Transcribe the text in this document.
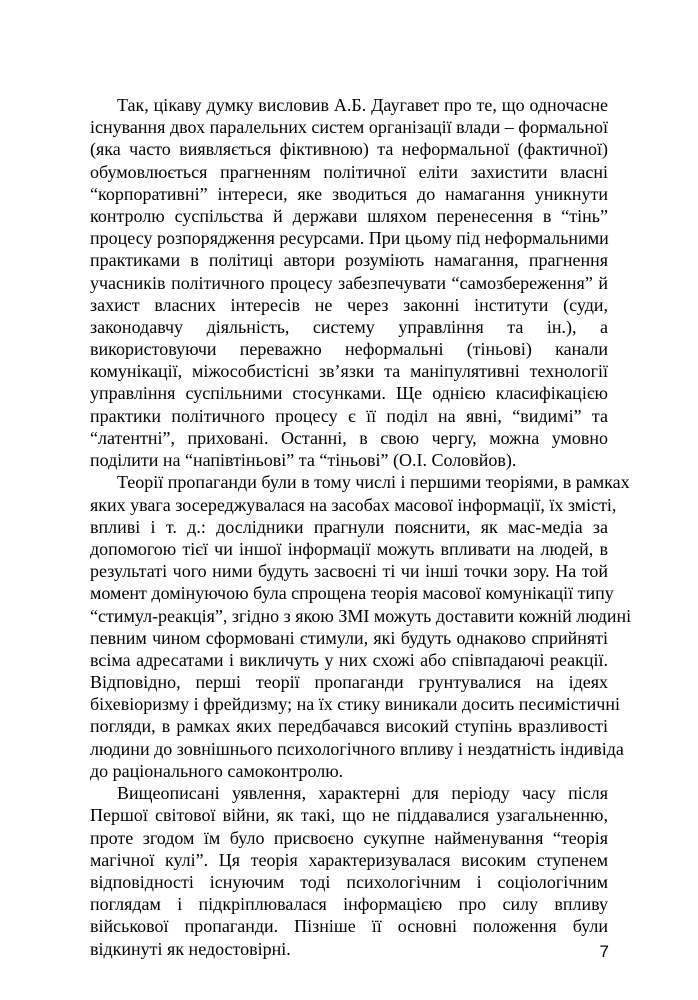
Так, цікаву думку висловив А.Б. Даугавет про те, що одночасне
існування двох паралельних систем організації влади – формальної
(яка часто виявляється фіктивною) та неформальної (фактичної)
обумовлюється прагненням політичної еліти захистити власні
“корпоративні” інтереси, яке зводиться до намагання уникнути
контролю суспільства й держави шляхом перенесення в “тінь”
процесу розпорядження ресурсами. При цьому під неформальними
практиками в політиці автори розуміють намагання, прагнення
учасників політичного процесу забезпечувати “самозбереження” й
захист власних інтересів не через законні інститути (суди,
законодавчу діяльність, систему управління та ін.), а
використовуючи переважно неформальні (тіньові) канали
комунікації, міжособистісні зв’язки та маніпулятивні технології
управління суспільними стосунками. Ще однією класифікацією
практики політичного процесу є її поділ на явні, “видимі” та
“латентні”, приховані. Останні, в свою чергу, можна умовно
поділити на “напівтіньові” та “тіньові” (О.І. Соловйов).

Теорії пропаганди були в тому числі і першими теоріями, в рамках
яких увага зосереджувалася на засобах масової інформації, їх змісті,
впливі і т. д.: дослідники прагнули пояснити, як мас-медіа за
допомогою тієї чи іншої інформації можуть впливати на людей, в
результаті чого ними будуть засвоєні ті чи інші точки зору. На той
момент домінуючою була спрощена теорія масової комунікації типу
“стимул-реакція”, згідно з якою ЗМІ можуть доставити кожній людині
певним чином сформовані стимули, які будуть однаково сприйняті
всіма адресатами і викличуть у них схожі або співпадаючі реакції.
Відповідно, перші теорії пропаганди грунтувалися на ідеях
біхевіоризму і фрейдизму; на їх стику виникали досить песимістичні
погляди, в рамках яких передбачався високий ступінь вразливості
людини до зовнішнього психологічного впливу і нездатність індивіда
до раціонального самоконтролю.

Вищеописані уявлення, характерні для періоду часу після
Першої світової війни, як такі, що не піддавалися узагальненню,
проте згодом їм було присвоєно сукупне найменування “теорія
магічної кулі”. Ця теорія характеризувалася високим ступенем
відповідності існуючим тоді психологічним і соціологічним
поглядам і підкріплювалася інформацією про силу впливу
військової пропаганди. Пізніше її основні положення були
відкинуті як недостовірні.	7
